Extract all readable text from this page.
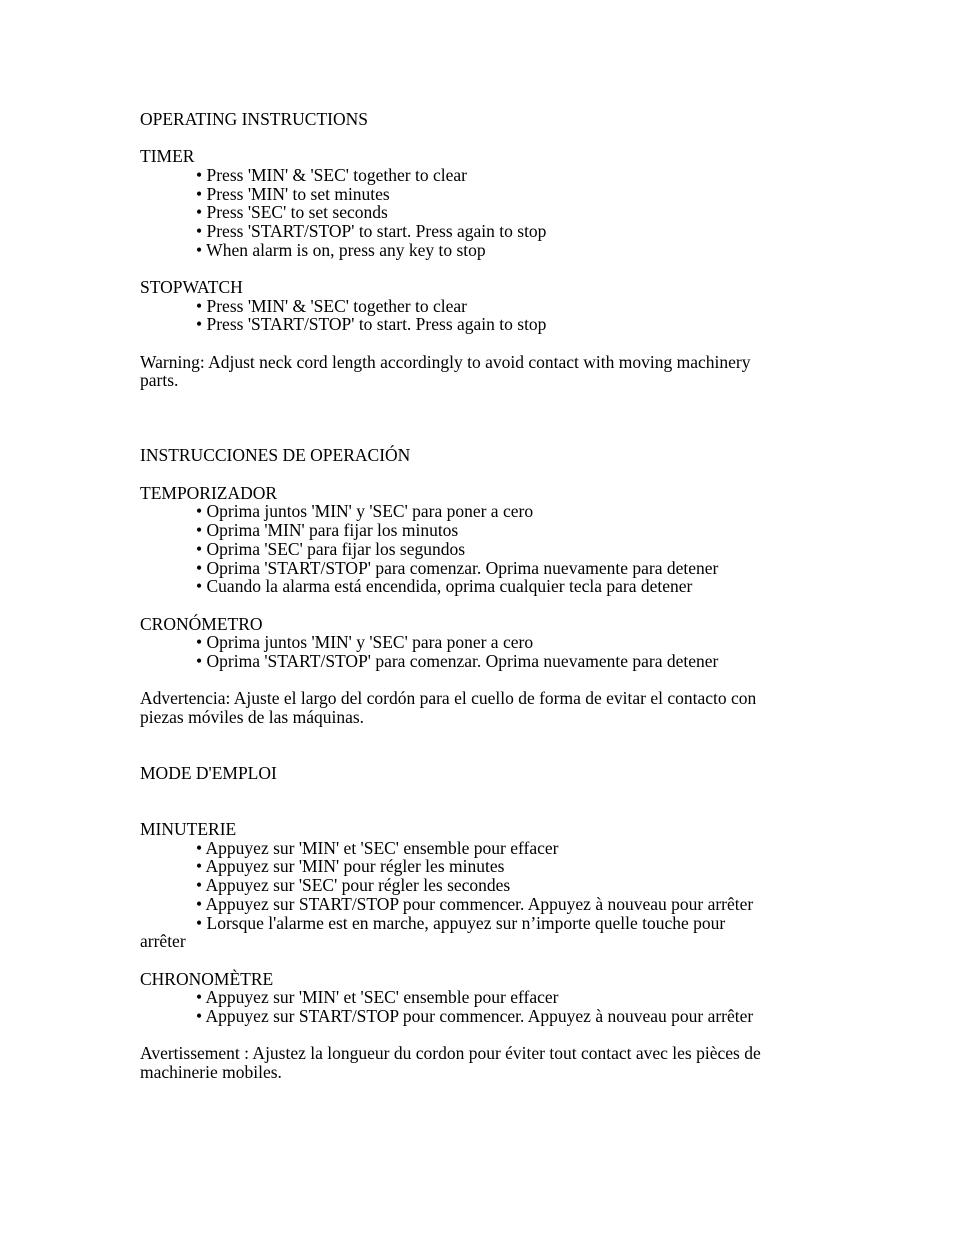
OPERATING INSTRUCTIONS
TIMER
• Press 'MIN' & 'SEC' together to clear
• Press 'MIN' to set minutes
• Press 'SEC' to set seconds
• Press 'START/STOP' to start. Press again to stop
• When alarm is on, press any key to stop
STOPWATCH
• Press 'MIN' & 'SEC' together to clear
• Press 'START/STOP' to start. Press again to stop
Warning: Adjust neck cord length accordingly to avoid contact with moving machinery
parts.
INSTRUCCIONES DE OPERACIÓN
TEMPORIZADOR
• Oprima juntos 'MIN' y 'SEC' para poner a cero
• Oprima 'MIN' para fijar los minutos
• Oprima 'SEC' para fijar los segundos
• Oprima 'START/STOP' para comenzar. Oprima nuevamente para detener
• Cuando la alarma está encendida, oprima cualquier tecla para detener
CRONÓMETRO
• Oprima juntos 'MIN' y 'SEC' para poner a cero
• Oprima 'START/STOP' para comenzar. Oprima nuevamente para detener
Advertencia: Ajuste el largo del cordón para el cuello de forma de evitar el contacto con
piezas móviles de las máquinas.
MODE D'EMPLOI
MINUTERIE
• Appuyez sur 'MIN' et 'SEC' ensemble pour effacer
• Appuyez sur 'MIN' pour régler les minutes
• Appuyez sur 'SEC' pour régler les secondes
• Appuyez sur START/STOP pour commencer. Appuyez à nouveau pour arrêter
• Lorsque l'alarme est en marche, appuyez sur n’importe quelle touche pour
arrêter
CHRONOMÈTRE
• Appuyez sur 'MIN' et 'SEC' ensemble pour effacer
• Appuyez sur START/STOP pour commencer. Appuyez à nouveau pour arrêter
Avertissement : Ajustez la longueur du cordon pour éviter tout contact avec les pièces de
machinerie mobiles.
